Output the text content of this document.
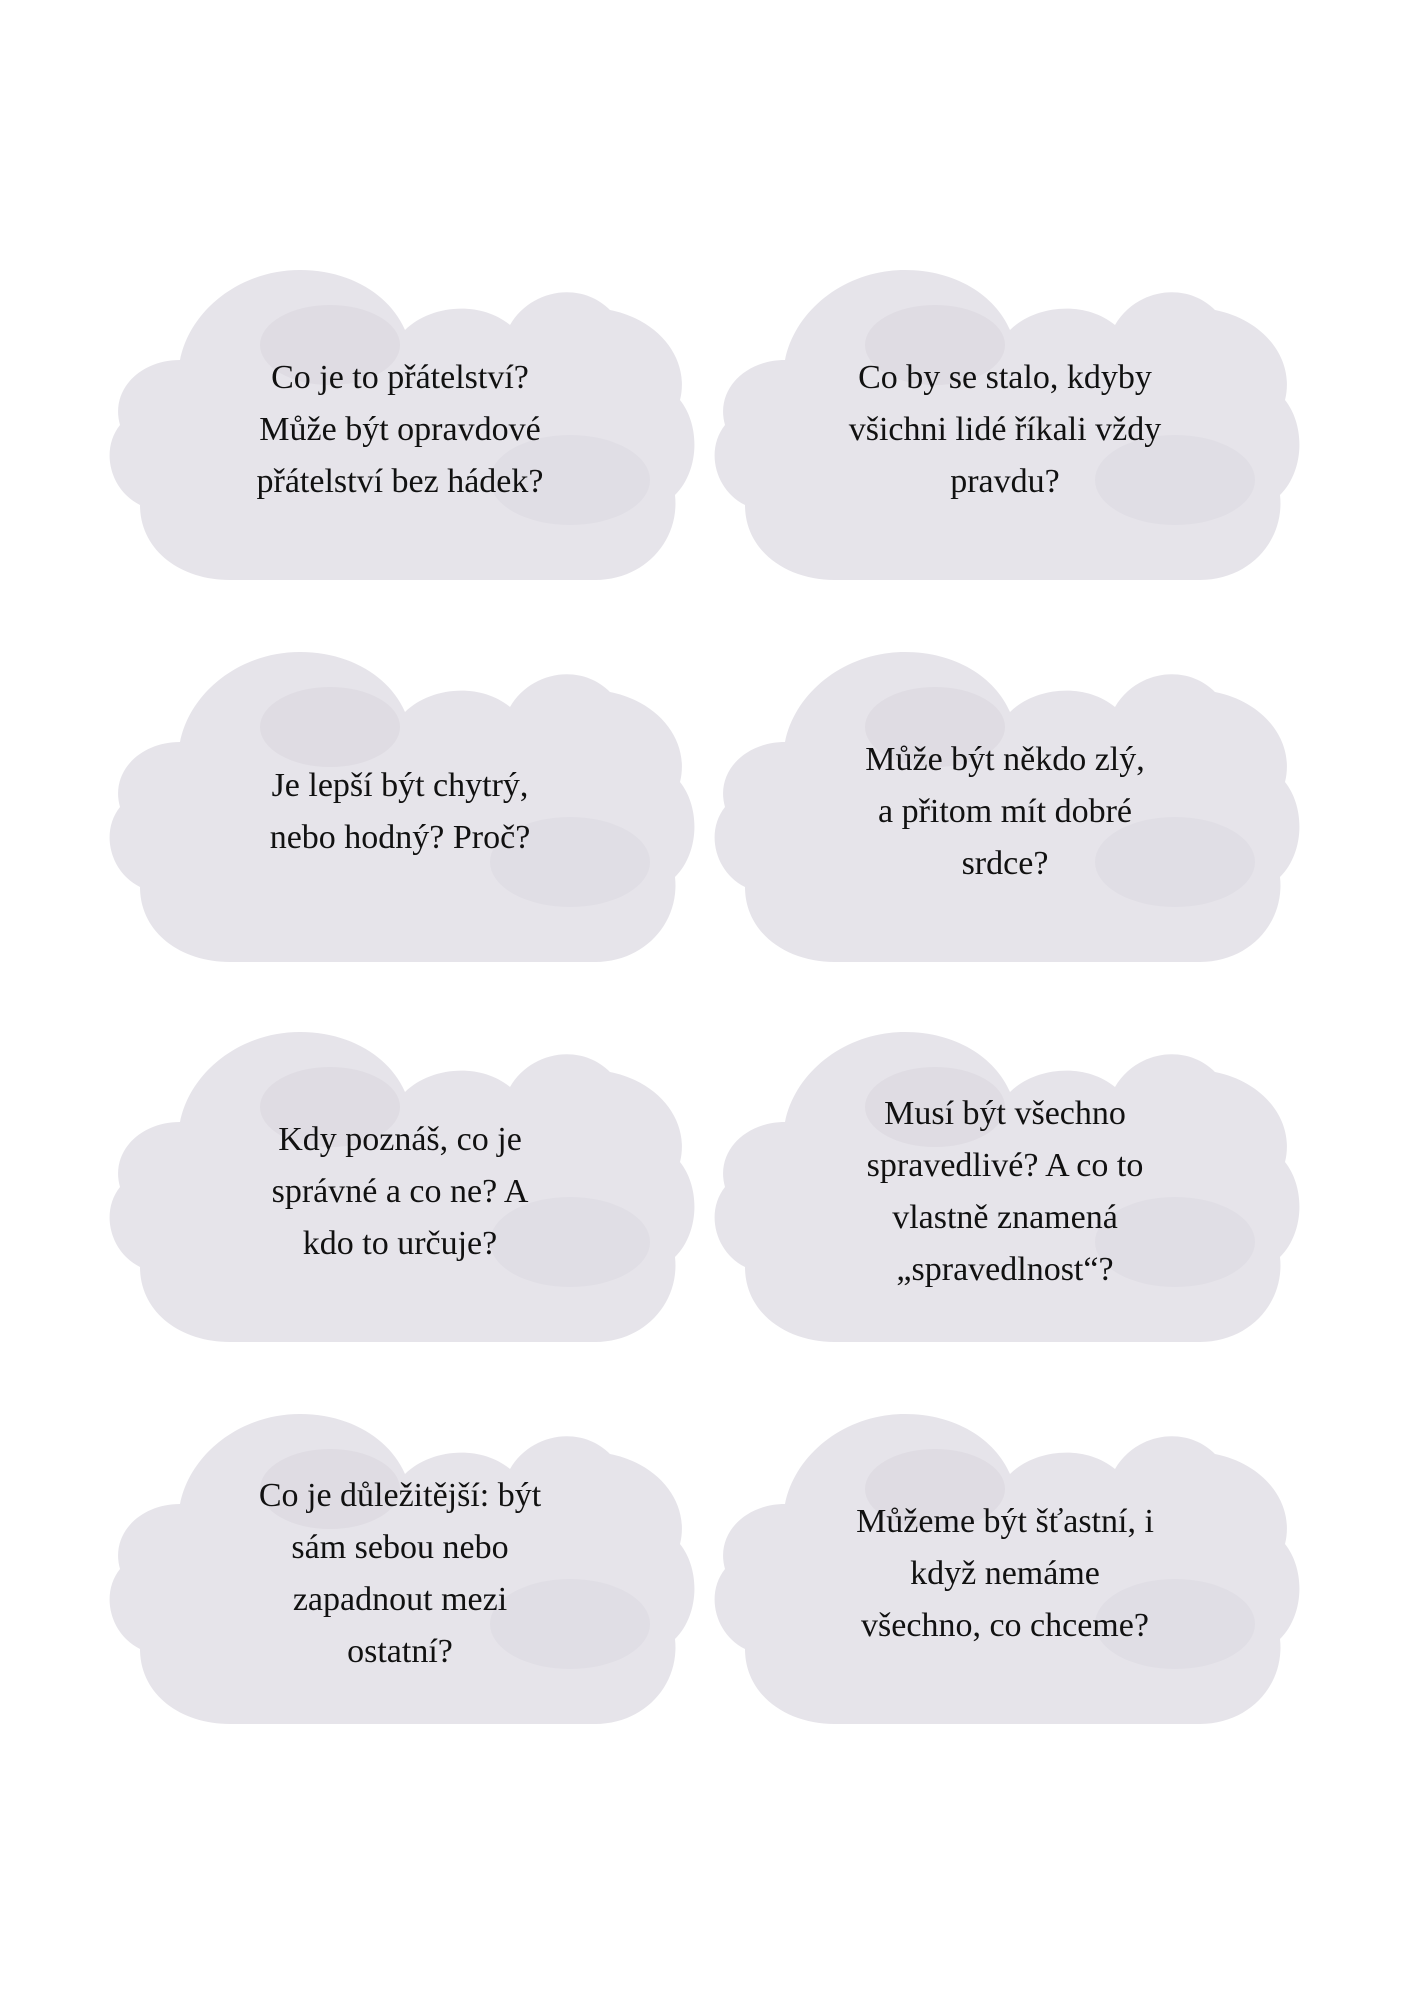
Co je to přátelství?
Může být opravdové
přátelství bez hádek?
Co by se stalo, kdyby
všichni lidé říkali vždy
pravdu?
Je lepší být chytrý,
nebo hodný? Proč?
Může být někdo zlý,
a přitom mít dobré
srdce?
Kdy poznáš, co je
správné a co ne? A
kdo to určuje?
Musí být všechno
spravedlivé? A co to
vlastně znamená
„spravedlnost“?
Co je důležitější: být
sám sebou nebo
zapadnout mezi
ostatní?
Můžeme být šťastní, i
když nemáme
všechno, co chceme?
